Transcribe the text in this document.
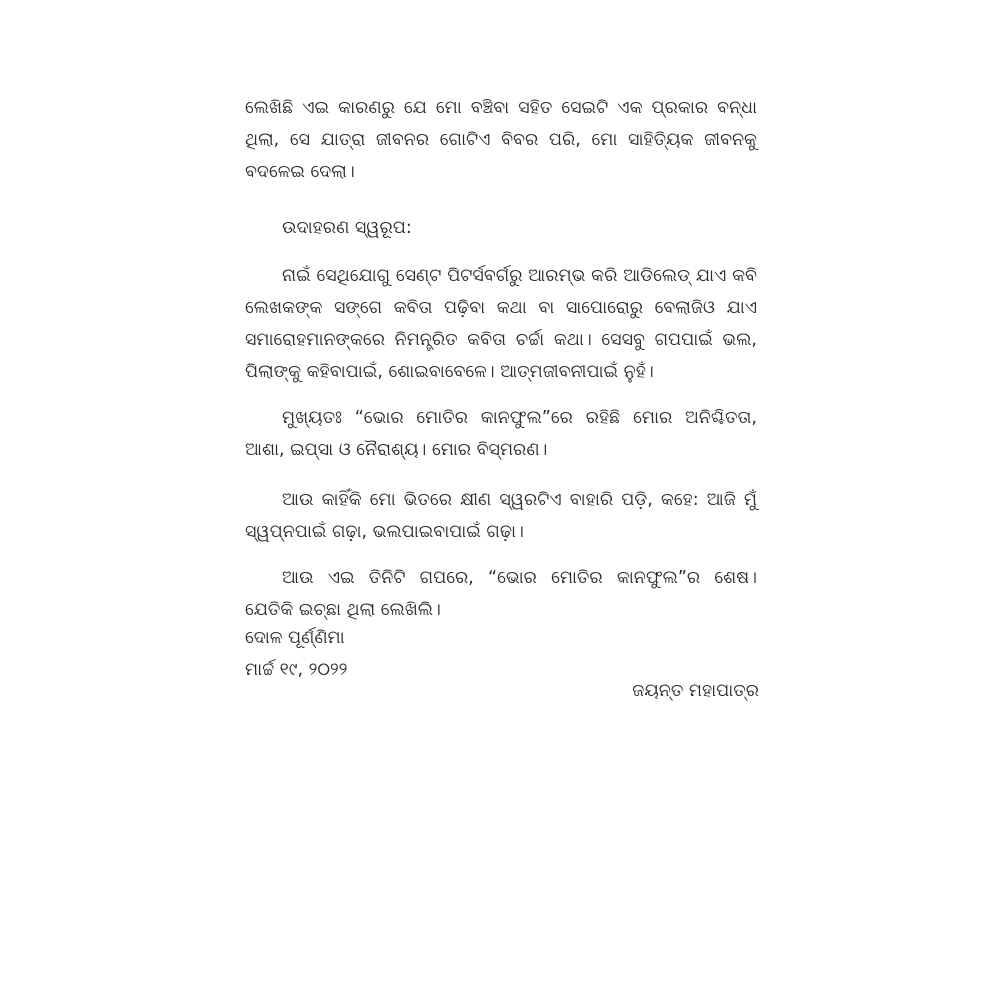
ଲେଖିଛି ଏଇ କାରଣରୁ ଯେ ମୋ ବଞ୍ଚିବା ସହିତ ସେଇଟି ଏକ ପ୍ରକାର ବନ୍ଧା
ଥିଲା, ସେ ଯାତ୍ରା ଜୀବନର ଗୋଟିଏ ବିବର ପରି, ମୋ ସାହିତ୍ୟିକ ଜୀବନକୁ
ବଦଳେଇ ଦେଲା।
ଉଦାହରଣ ସ୍ୱରୂପ:
ନାଇଁ ସେଥିଯୋଗୁ ସେଣ୍ଟ ପିଟର୍ସବର୍ଗରୁ ଆରମ୍ଭ କରି ଆଡିଲେଡ୍ ଯାଏ କବି
ଲେଖକଙ୍କ ସଙ୍ଗେ କବିତା ପଢ଼ିବା କଥା ବା ସାପୋରୋରୁ ବେଲାଜିଓ ଯାଏ
ସମାରୋହମାନଙ୍କରେ ନିମନ୍ତ୍ରିତ କବିତା ଚର୍ଚ୍ଚା କଥା। ସେସବୁ ଗପପାଇଁ ଭଲ,
ପିଲାଙ୍କୁ କହିବାପାଇଁ, ଶୋଇବାବେଳେ। ଆତ୍ମଜୀବନୀପାଇଁ ନୁହଁ।
ମୁଖ୍ୟତଃ “ଭୋର ମୋତିର କାନଫୁଲ”ରେ ରହିଛି ମୋର ଅନିଶ୍ଚିତତା,
ଆଶା, ଇପ୍ସା ଓ ନୈରାଶ୍ୟ। ମୋର ବିସ୍ମରଣ।
ଆଉ କାହିଁକି ମୋ ଭିତରେ କ୍ଷୀଣ ସ୍ୱରଟିଏ ବାହାରି ପଡ଼ି, କହେ: ଆଜି ମୁଁ
ସ୍ୱପ୍ନପାଇଁ ଗଢ଼ା, ଭଲପାଇବାପାଇଁ ଗଢ଼ା।
ଆଉ ଏଇ ତିନିଟି ଗପରେ, “ଭୋର ମୋତିର କାନଫୁଲ”ର ଶେଷ।
ଯେତିକି ଇଚ୍ଛା ଥିଲା ଲେଖିଲି।
ଦୋଳ ପୂର୍ଣ୍ଣିମା
ମାର୍ଚ୍ଚ ୧୯, ୨୦୨୨
ଜୟନ୍ତ ମହାପାତ୍ର
